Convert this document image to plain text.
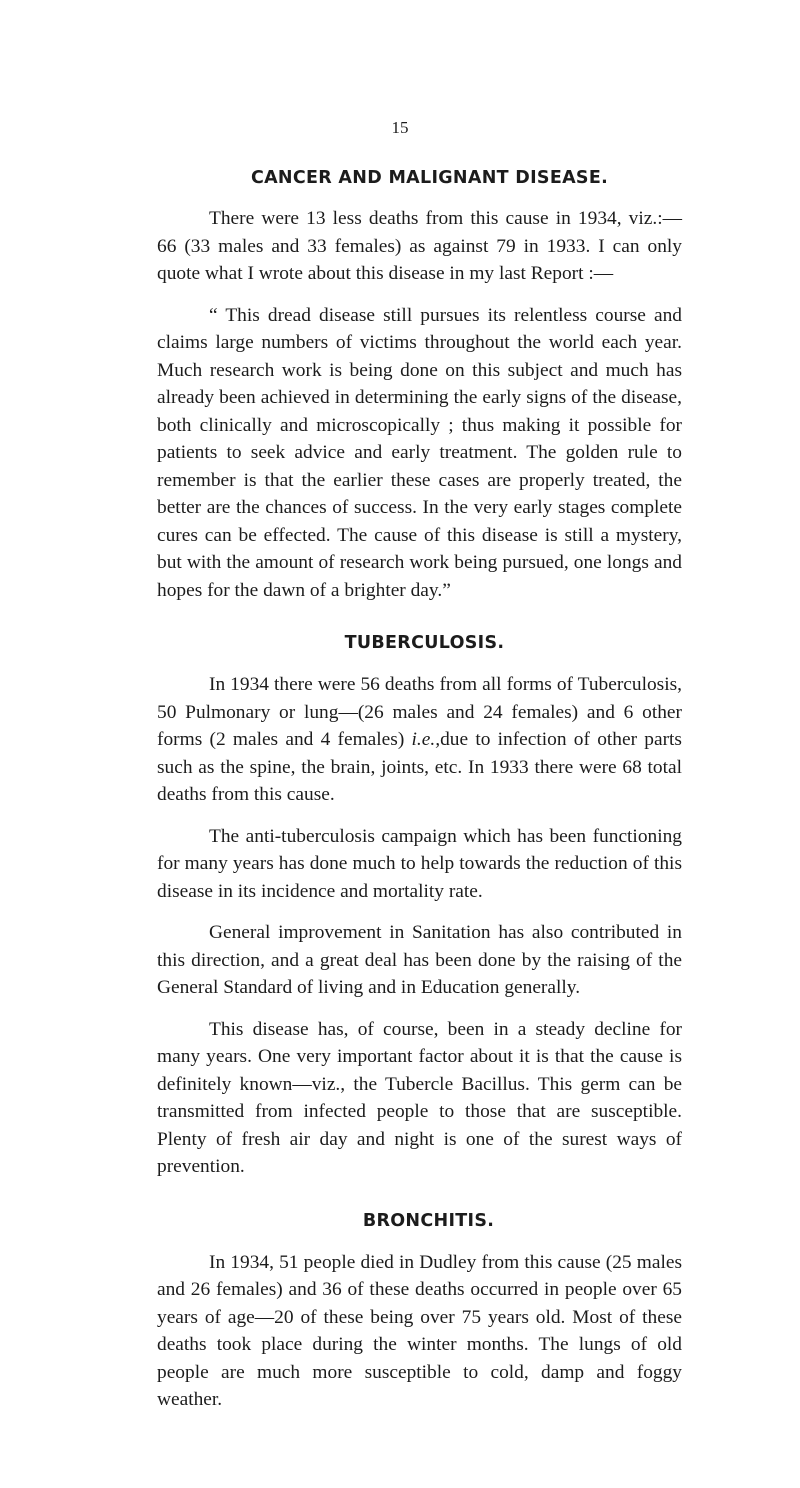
15
CANCER AND MALIGNANT DISEASE.

There were 13 less deaths from this cause in 1934, viz.:— 66 (33 males and 33 females) as against 79 in 1933. I can only quote what I wrote about this disease in my last Report :—

“ This dread disease still pursues its relentless course and claims large numbers of victims throughout the world each year. Much research work is being done on this subject and much has already been achieved in determining the early signs of the disease, both clinically and microscopically ; thus making it possible for patients to seek advice and early treatment. The golden rule to remember is that the earlier these cases are properly treated, the better are the chances of success. In the very early stages complete cures can be effected. The cause of this disease is still a mystery, but with the amount of research work being pursued, one longs and hopes for the dawn of a brighter day.”

TUBERCULOSIS.

In 1934 there were 56 deaths from all forms of Tuberculosis, 50 Pulmonary or lung—(26 males and 24 females) and 6 other forms (2 males and 4 females) i.e.,due to infection of other parts such as the spine, the brain, joints, etc. In 1933 there were 68 total deaths from this cause.

The anti-tuberculosis campaign which has been functioning for many years has done much to help towards the reduction of this disease in its incidence and mortality rate.

General improvement in Sanitation has also contributed in this direction, and a great deal has been done by the raising of the General Standard of living and in Education generally.

This disease has, of course, been in a steady decline for many years. One very important factor about it is that the cause is definitely known—viz., the Tubercle Bacillus. This germ can be transmitted from infected people to those that are susceptible. Plenty of fresh air day and night is one of the surest ways of prevention.

BRONCHITIS.

In 1934, 51 people died in Dudley from this cause (25 males and 26 females) and 36 of these deaths occurred in people over 65 years of age—20 of these being over 75 years old. Most of these deaths took place during the winter months. The lungs of old people are much more susceptible to cold, damp and foggy weather.
